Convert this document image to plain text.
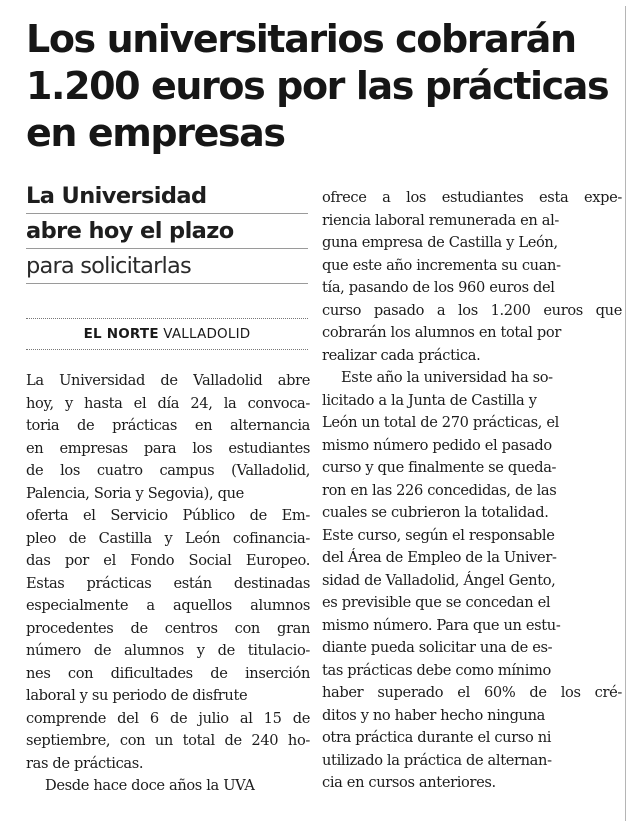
Los universitarios cobrarán
1.200 euros por las prácticas
en empresas
La Universidad
abre hoy el plazo
para solicitarlas
EL NORTE VALLADOLID
La Universidad de Valladolid abre
hoy, y hasta el día 24, la convoca-
toria de prácticas en alternancia
en empresas para los estudiantes
de los cuatro campus (Valladolid,
Palencia, Soria y Segovia), que
oferta el Servicio Público de Em-
pleo de Castilla y León cofinancia-
das por el Fondo Social Europeo.
Estas prácticas están destinadas
especialmente a aquellos alumnos
procedentes de centros con gran
número de alumnos y de titulacio-
nes con dificultades de inserción
laboral y su periodo de disfrute
comprende del 6 de julio al 15 de
septiembre, con un total de 240 ho-
ras de prácticas.
Desde hace doce años la UVA
ofrece a los estudiantes esta expe-
riencia laboral remunerada en al-
guna empresa de Castilla y León,
que este año incrementa su cuan-
tía, pasando de los 960 euros del
curso pasado a los 1.200 euros que
cobrarán los alumnos en total por
realizar cada práctica.
Este año la universidad ha so-
licitado a la Junta de Castilla y
León un total de 270 prácticas, el
mismo número pedido el pasado
curso y que finalmente se queda-
ron en las 226 concedidas, de las
cuales se cubrieron la totalidad.
Este curso, según el responsable
del Área de Empleo de la Univer-
sidad de Valladolid, Ángel Gento,
es previsible que se concedan el
mismo número. Para que un estu-
diante pueda solicitar una de es-
tas prácticas debe como mínimo
haber superado el 60% de los cré-
ditos y no haber hecho ninguna
otra práctica durante el curso ni
utilizado la práctica de alternan-
cia en cursos anteriores.
